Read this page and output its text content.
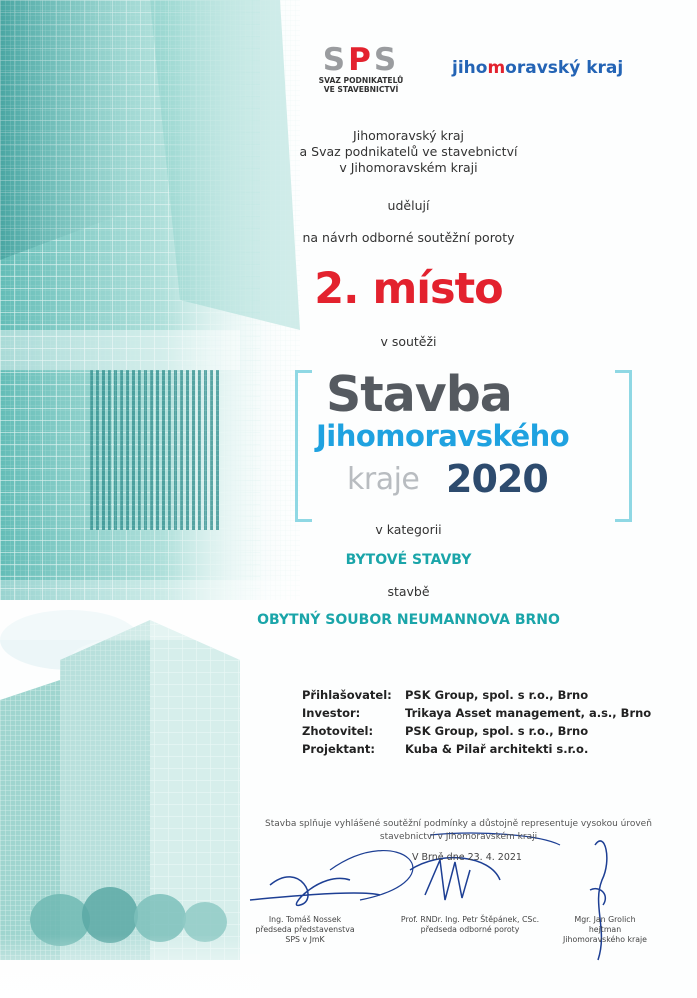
SPS
SVAZ PODNIKATELŮ
VE STAVEBNICTVÍ
jihomoravský kraj
Jihomoravský kraj
a Svaz podnikatelů ve stavebnictví
v Jihomoravském kraji
udělují
na návrh odborné soutěžní poroty
2. místo
v soutěži
Stavba
Jihomoravského
kraje 2020
v kategorii
BYTOVÉ STAVBY
stavbě
OBYTNÝ SOUBOR NEUMANNOVA BRNO
Přihlašovatel:	PSK Group, spol. s r.o., Brno
Investor:	Trikaya Asset management, a.s., Brno
Zhotovitel:	PSK Group, spol. s r.o., Brno
Projektant:	Kuba & Pilař architekti s.r.o.
Stavba splňuje vyhlášené soutěžní podmínky a důstojně representuje vysokou úroveň
stavebnictví v Jihomoravském kraji
V Brně dne 23. 4. 2021
Ing. Tomáš Nossek
předseda představenstva
SPS v JmK
Prof. RNDr. Ing. Petr Štěpánek, CSc.
předseda odborné poroty
Mgr. Jan Grolich
hejtman
Jihomoravského kraje
